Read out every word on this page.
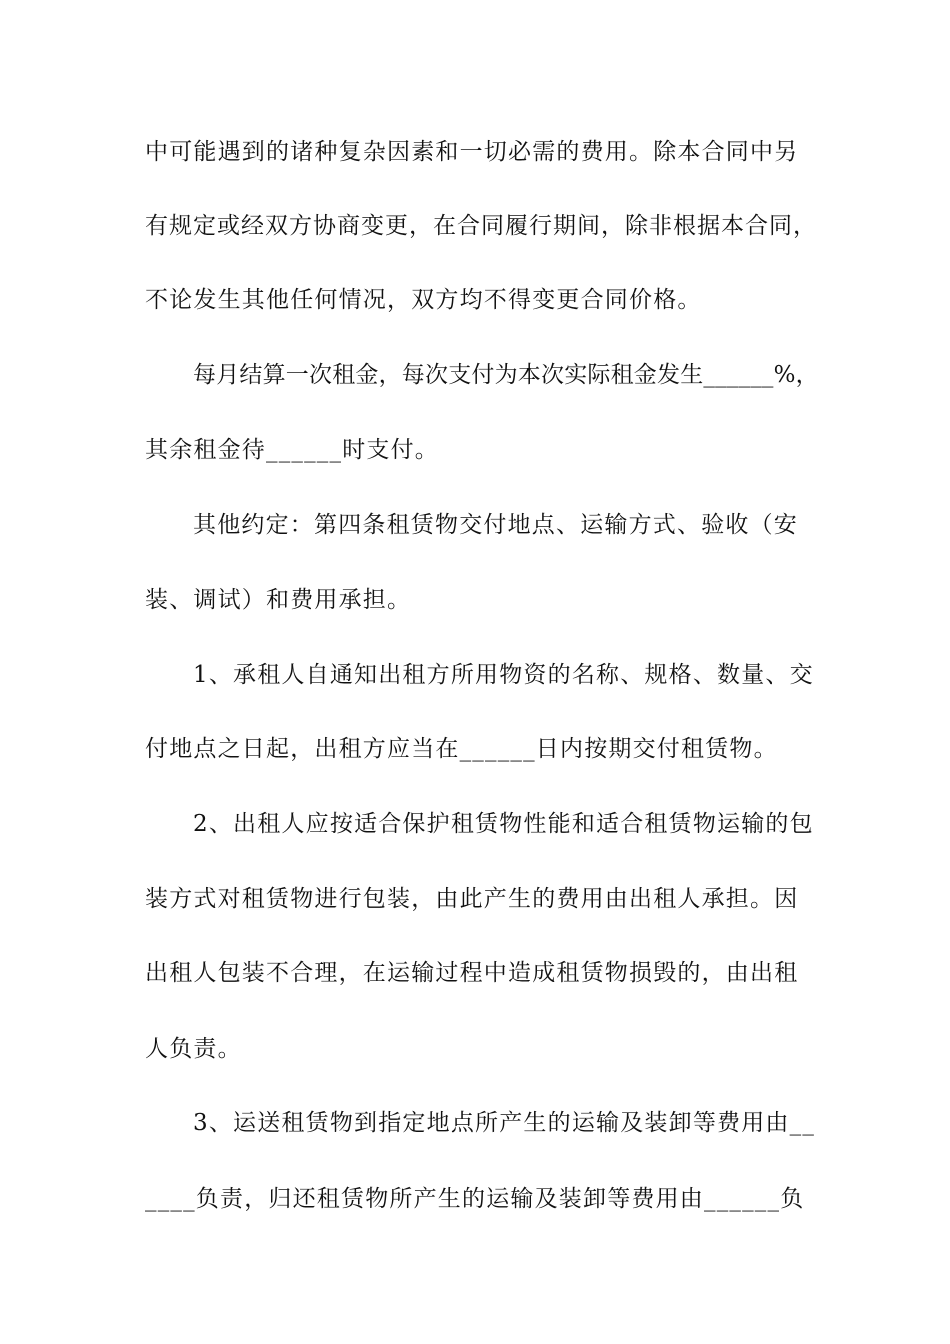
中可能遇到的诸种复杂因素和一切必需的费用。除本合同中另
有规定或经双方协商变更，在合同履行期间，除非根据本合同，
不论发生其他任何情况，双方均不得变更合同价格。
每月结算一次租金，每次支付为本次实际租金发生______%，
其余租金待______时支付。
其他约定：第四条租赁物交付地点、运输方式、验收（安
装、调试）和费用承担。
1、承租人自通知出租方所用物资的名称、规格、数量、交
付地点之日起，出租方应当在______日内按期交付租赁物。
2、出租人应按适合保护租赁物性能和适合租赁物运输的包
装方式对租赁物进行包装，由此产生的费用由出租人承担。因
出租人包装不合理，在运输过程中造成租赁物损毁的，由出租
人负责。
3、运送租赁物到指定地点所产生的运输及装卸等费用由__
____负责，归还租赁物所产生的运输及装卸等费用由______负
